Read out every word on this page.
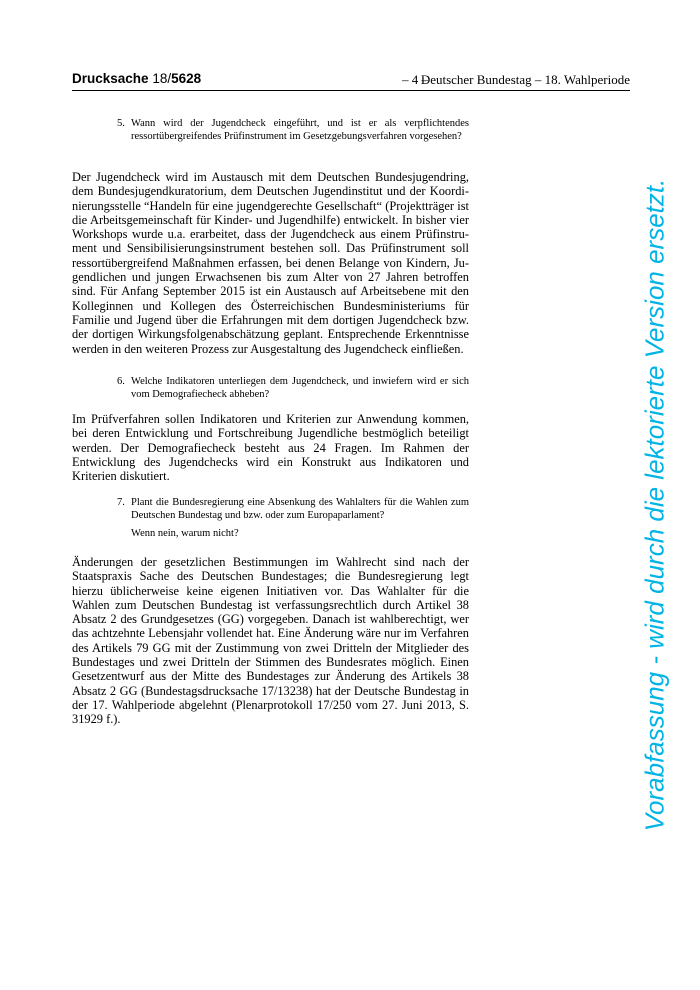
Drucksache 18/5628	– 4 –
Deutscher Bundestag – 18. Wahlperiode
5. Wann wird der Jugendcheck eingeführt, und ist er als verpflichtendes ressortübergreifendes Prüfinstrument im Gesetzgebungsverfahren vorgesehen?
Der Jugendcheck wird im Austausch mit dem Deutschen Bundesjugendring, dem Bundesjugendkuratorium, dem Deutschen Jugendinstitut und der Koordinierungsstelle “Handeln für eine jugendgerechte Gesellschaft“ (Projektträger ist die Arbeitsgemeinschaft für Kinder- und Jugendhilfe) entwickelt. In bisher vier Workshops wurde u.a. erarbeitet, dass der Jugendcheck aus einem Prüfinstrument und Sensibilisierungsinstrument bestehen soll. Das Prüfinstrument soll ressortübergreifend Maßnahmen erfassen, bei denen Belange von Kindern, Jugendlichen und jungen Erwachsenen bis zum Alter von 27 Jahren betroffen sind. Für Anfang September 2015 ist ein Austausch auf Arbeitsebene mit den Kolleginnen und Kollegen des Österreichischen Bundesministeriums für Familie und Jugend über die Erfahrungen mit dem dortigen Jugendcheck bzw. der dortigen Wirkungsfolgenabschätzung geplant. Entsprechende Erkenntnisse werden in den weiteren Prozess zur Ausgestaltung des Jugendcheck einfließen.
6. Welche Indikatoren unterliegen dem Jugendcheck, und inwiefern wird er sich vom Demografiecheck abheben?
Im Prüfverfahren sollen Indikatoren und Kriterien zur Anwendung kommen, bei deren Entwicklung und Fortschreibung Jugendliche bestmöglich beteiligt werden. Der Demografiecheck besteht aus 24 Fragen. Im Rahmen der Entwicklung des Jugendchecks wird ein Konstrukt aus Indikatoren und Kriterien diskutiert.
7. Plant die Bundesregierung eine Absenkung des Wahlalters für die Wahlen zum Deutschen Bundestag und bzw. oder zum Europaparlament?
Wenn nein, warum nicht?
Änderungen der gesetzlichen Bestimmungen im Wahlrecht sind nach der Staatspraxis Sache des Deutschen Bundestages; die Bundesregierung legt hierzu üblicherweise keine eigenen Initiativen vor. Das Wahlalter für die Wahlen zum Deutschen Bundestag ist verfassungsrechtlich durch Artikel 38 Absatz 2 des Grundgesetzes (GG) vorgegeben. Danach ist wahlberechtigt, wer das achtzehnte Lebensjahr vollendet hat. Eine Änderung wäre nur im Verfahren des Artikels 79 GG mit der Zustimmung von zwei Dritteln der Mitglieder des Bundestages und zwei Dritteln der Stimmen des Bundesrates möglich. Einen Gesetzentwurf aus der Mitte des Bundestages zur Änderung des Artikels 38 Absatz 2 GG (Bundestagsdrucksache 17/13238) hat der Deutsche Bundestag in der 17. Wahlperiode abgelehnt (Plenarprotokoll 17/250 vom 27. Juni 2013, S. 31929 f.).	Vorabfassung - wird durch die lektorierte Version ersetzt.
